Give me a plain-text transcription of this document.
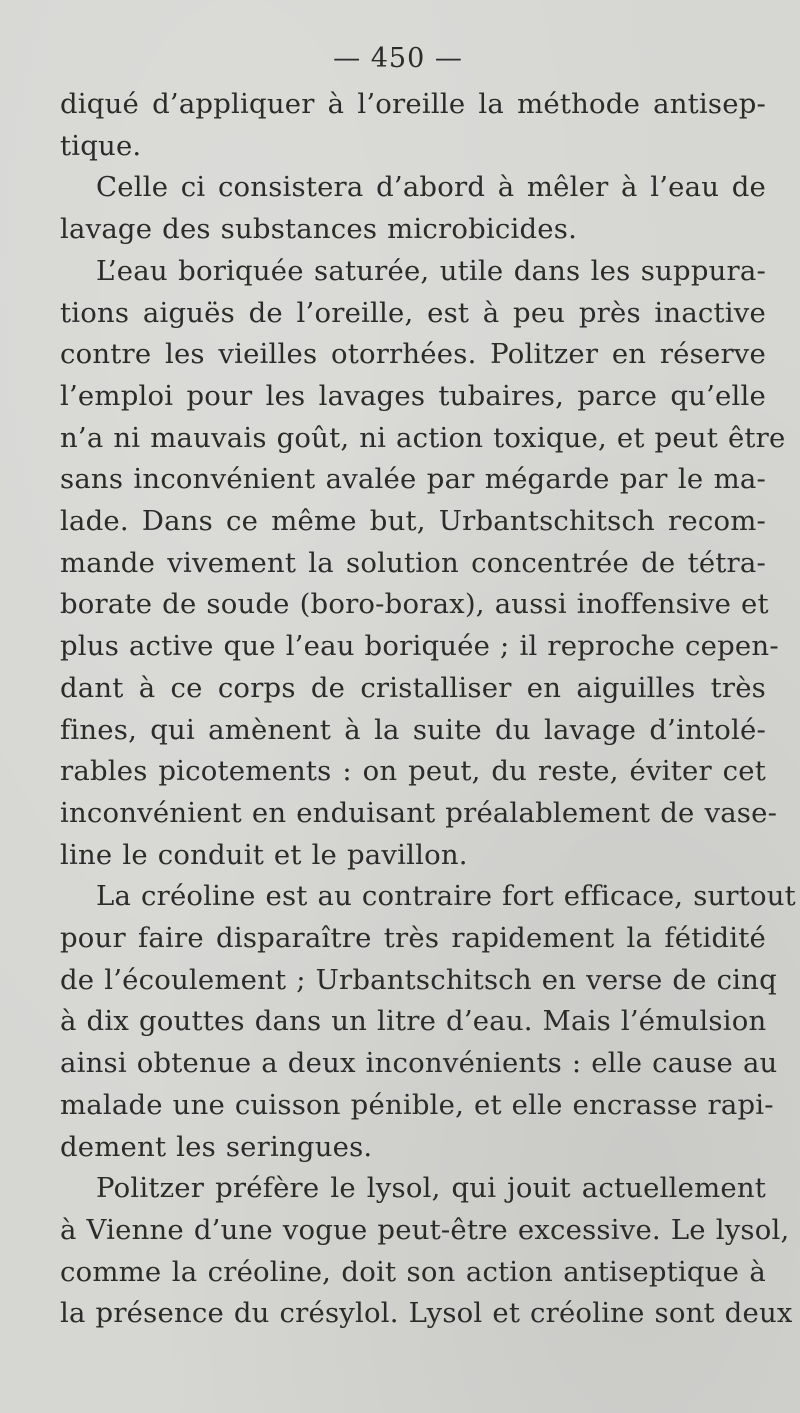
— 450 —
diqué d’appliquer à l’oreille la méthode antisep-
tique.
Celle ci consistera d’abord à mêler à l’eau de
lavage des substances microbicides.
L’eau boriquée saturée, utile dans les suppura-
tions aiguës de l’oreille, est à peu près inactive
contre les vieilles otorrhées. Politzer en réserve
l’emploi pour les lavages tubaires, parce qu’elle
n’a ni mauvais goût, ni action toxique, et peut être
sans inconvénient avalée par mégarde par le ma-
lade. Dans ce même but, Urbantschitsch recom-
mande vivement la solution concentrée de tétra-
borate de soude (boro-borax), aussi inoffensive et
plus active que l’eau boriquée ; il reproche cepen-
dant à ce corps de cristalliser en aiguilles très
fines, qui amènent à la suite du lavage d’intolé-
rables picotements : on peut, du reste, éviter cet
inconvénient en enduisant préalablement de vase-
line le conduit et le pavillon.
La créoline est au contraire fort efficace, surtout
pour faire disparaître très rapidement la fétidité
de l’écoulement ; Urbantschitsch en verse de cinq
à dix gouttes dans un litre d’eau. Mais l’émulsion
ainsi obtenue a deux inconvénients : elle cause au
malade une cuisson pénible, et elle encrasse rapi-
dement les seringues.
Politzer préfère le lysol, qui jouit actuellement
à Vienne d’une vogue peut-être excessive. Le lysol,
comme la créoline, doit son action antiseptique à
la présence du crésylol. Lysol et créoline sont deux
